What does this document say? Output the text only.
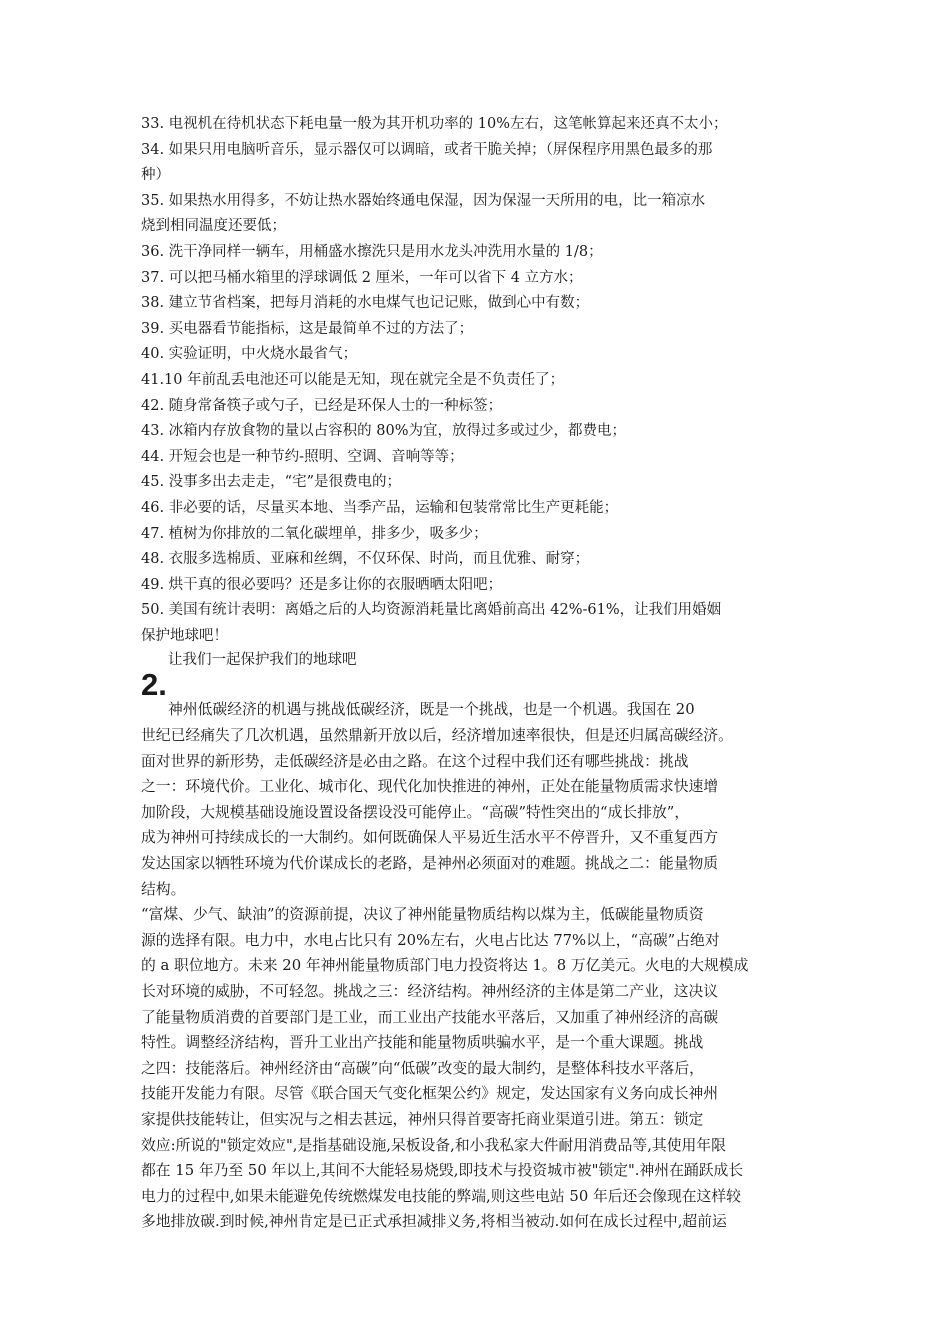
33. 电视机在待机状态下耗电量一般为其开机功率的 10%左右，这笔帐算起来还真不太小；
34. 如果只用电脑听音乐，显示器仅可以调暗，或者干脆关掉；（屏保程序用黑色最多的那
种）
35. 如果热水用得多，不妨让热水器始终通电保湿，因为保湿一天所用的电，比一箱凉水
烧到相同温度还要低；
36. 洗干净同样一辆车，用桶盛水擦洗只是用水龙头冲洗用水量的 1/8；
37. 可以把马桶水箱里的浮球调低 2 厘米，一年可以省下 4 立方水；
38. 建立节省档案，把每月消耗的水电煤气也记记账，做到心中有数；
39. 买电器看节能指标，这是最简单不过的方法了；
40. 实验证明，中火烧水最省气；
41.10 年前乱丢电池还可以能是无知，现在就完全是不负责任了；
42. 随身常备筷子或勺子，已经是环保人士的一种标签；
43. 冰箱内存放食物的量以占容积的 80%为宜，放得过多或过少，都费电；
44. 开短会也是一种节约-照明、空调、音响等等；
45. 没事多出去走走，“宅”是很费电的；
46. 非必要的话，尽量买本地、当季产品，运输和包装常常比生产更耗能；
47. 植树为你排放的二氧化碳埋单，排多少，吸多少；
48. 衣服多选棉质、亚麻和丝绸，不仅环保、时尚，而且优雅、耐穿；
49. 烘干真的很必要吗？还是多让你的衣服晒晒太阳吧；
50. 美国有统计表明：离婚之后的人均资源消耗量比离婚前高出 42%-61%，让我们用婚姻
保护地球吧！
让我们一起保护我们的地球吧
2.
神州低碳经济的机遇与挑战低碳经济，既是一个挑战，也是一个机遇。我国在 20
世纪已经痛失了几次机遇，虽然鼎新开放以后，经济增加速率很快，但是还归属高碳经济。
面对世界的新形势，走低碳经济是必由之路。在这个过程中我们还有哪些挑战：挑战
之一：环境代价。工业化、城市化、现代化加快推进的神州，正处在能量物质需求快速增
加阶段，大规模基础设施设置设备摆设没可能停止。“高碳”特性突出的“成长排放”，
成为神州可持续成长的一大制约。如何既确保人平易近生活水平不停晋升，又不重复西方
发达国家以牺牲环境为代价谋成长的老路，是神州必须面对的难题。挑战之二：能量物质
结构。
“富煤、少气、缺油”的资源前提，决议了神州能量物质结构以煤为主，低碳能量物质资
源的选择有限。电力中，水电占比只有 20%左右，火电占比达 77%以上，“高碳”占绝对
的 a 职位地方。未来 20 年神州能量物质部门电力投资将达 1。8 万亿美元。火电的大规模成
长对环境的威胁，不可轻忽。挑战之三：经济结构。神州经济的主体是第二产业，这决议
了能量物质消费的首要部门是工业，而工业出产技能水平落后，又加重了神州经济的高碳
特性。调整经济结构，晋升工业出产技能和能量物质哄骗水平，是一个重大课题。挑战
之四：技能落后。神州经济由“高碳”向“低碳”改变的最大制约，是整体科技水平落后，
技能开发能力有限。尽管《联合国天气变化框架公约》规定，发达国家有义务向成长神州
家提供技能转让，但实况与之相去甚远，神州只得首要寄托商业渠道引进。第五：锁定
效应:所说的"锁定效应",是指基础设施,呆板设备,和小我私家大件耐用消费品等,其使用年限
都在 15 年乃至 50 年以上,其间不大能轻易烧毁,即技术与投资城市被"锁定".神州在踊跃成长
电力的过程中,如果未能避免传统燃煤发电技能的弊端,则这些电站 50 年后还会像现在这样较
多地排放碳.到时候,神州肯定是已正式承担减排义务,将相当被动.如何在成长过程中,超前运
